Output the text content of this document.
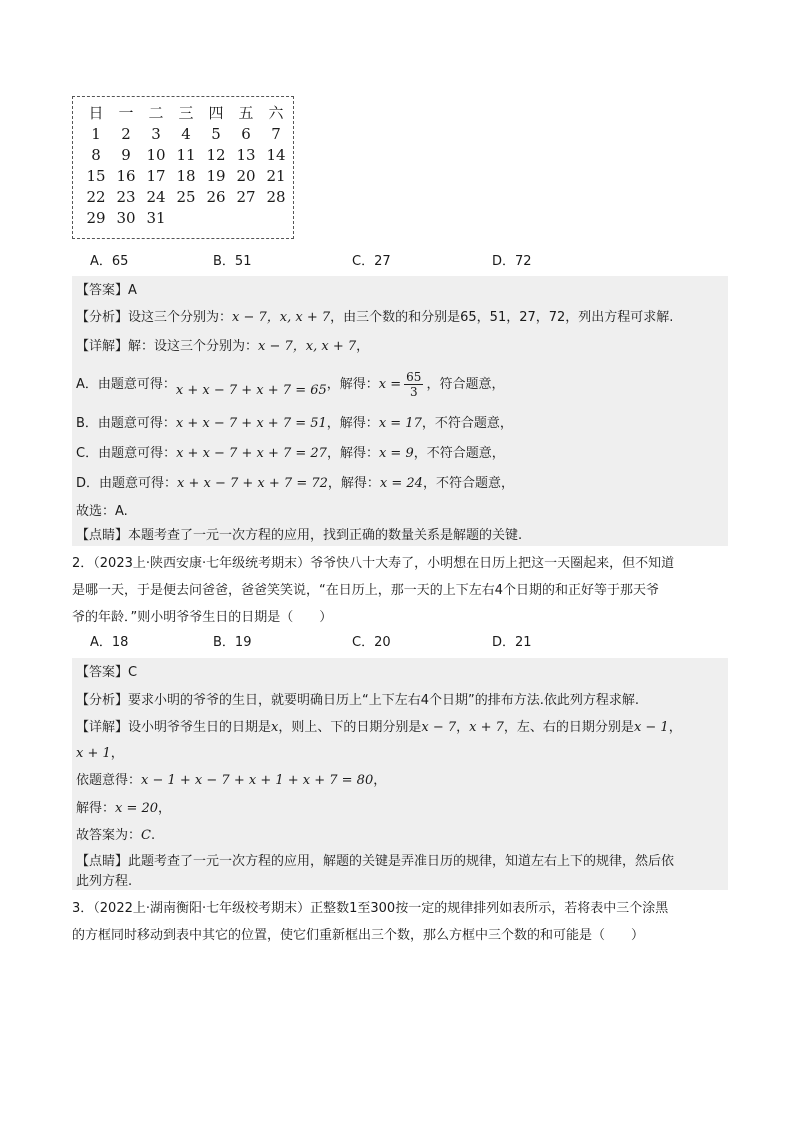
日 一 二 三 四 五 六
1	2	3	4	5	6	7
8	9	10 11 12 13 14
15 16 17 18 19 20 21
22 23 24 25 26 27 28
29 30 31
A．65	B．51	C．27	D．72
【答案】A
【分析】设这三个分别为：x − 7，x, x + 7，由三个数的和分别是65，51，27，72，列出方程可求解.
【详解】解：设这三个分别为：x − 7，x, x + 7，
A．由题意可得：x + x − 7 + x + 7 = 65，解得：$x = \frac{65}{3}$ ，符合题意，
B．由题意可得：x + x − 7 + x + 7 = 51，解得：x = 17，不符合题意，
C．由题意可得：x + x − 7 + x + 7 = 27，解得：x = 9，不符合题意，
D．由题意可得：x + x − 7 + x + 7 = 72，解得：x = 24，不符合题意，
故选：A.
【点睛】本题考查了一元一次方程的应用，找到正确的数量关系是解题的关键.
2．（2023上·陕西安康·七年级统考期末）爷爷快八十大寿了，小明想在日历上把这一天圈起来，但不知道
是哪一天，于是便去问爸爸，爸爸笑笑说，“在日历上，那一天的上下左右4个日期的和正好等于那天爷
爷的年龄．”则小明爷爷生日的日期是（　　）
A．18	B．19	C．20	D．21
【答案】C
【分析】要求小明的爷爷的生日，就要明确日历上“上下左右4个日期”的排布方法.依此列方程求解.
【详解】设小明爷爷生日的日期是x，则上、下的日期分别是x − 7，x + 7，左、右的日期分别是x − 1，
x + 1，
依题意得：x − 1 + x − 7 + x + 1 + x + 7 = 80，
解得：x = 20，
故答案为：C.
【点睛】此题考查了一元一次方程的应用，解题的关键是弄准日历的规律，知道左右上下的规律，然后依
此列方程.
3．（2022上·湖南衡阳·七年级校考期末）正整数1至300按一定的规律排列如表所示，若将表中三个涂黑
的方框同时移动到表中其它的位置，使它们重新框出三个数，那么方框中三个数的和可能是（　　）
